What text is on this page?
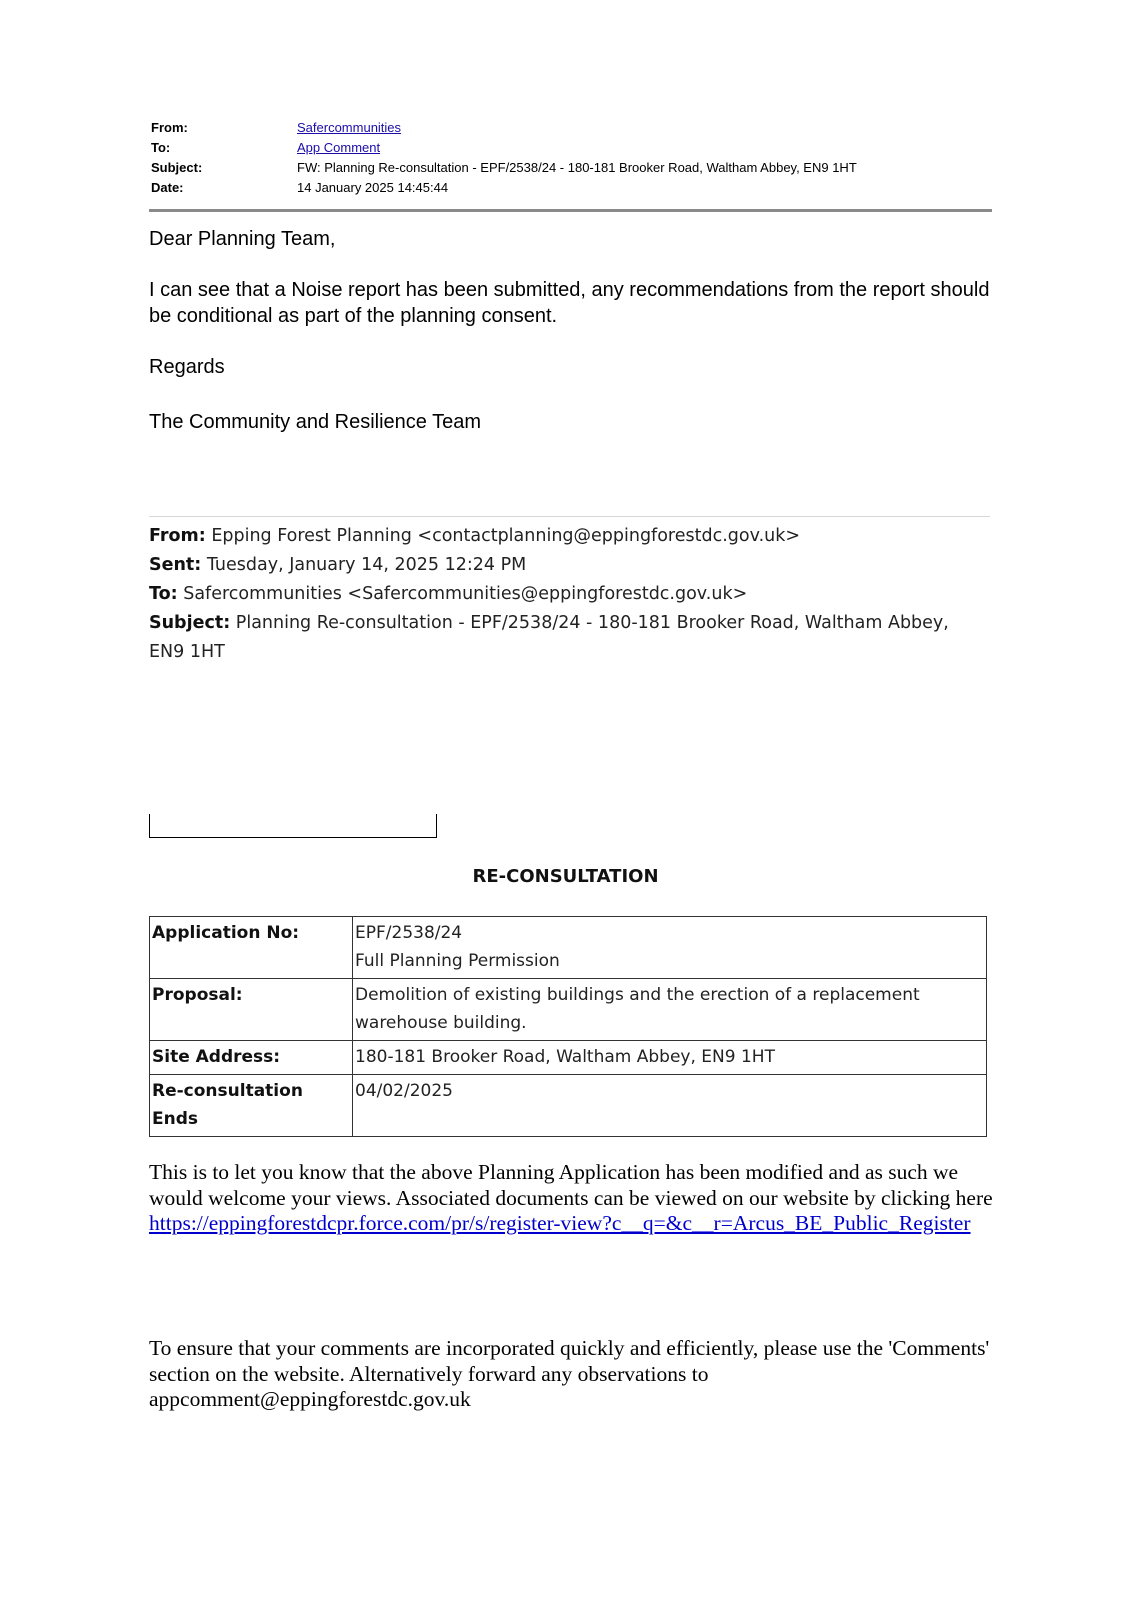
From:	Safercommunities
To:	App Comment
Subject:	FW: Planning Re-consultation - EPF/2538/24 - 180-181 Brooker Road, Waltham Abbey, EN9 1HT
Date:	14 January 2025 14:45:44
Dear Planning Team,
I can see that a Noise report has been submitted, any recommendations from the report should be conditional as part of the planning consent.
Regards
The Community and Resilience Team
From: Epping Forest Planning <contactplanning@eppingforestdc.gov.uk>
Sent: Tuesday, January 14, 2025 12:24 PM
To: Safercommunities <Safercommunities@eppingforestdc.gov.uk>
Subject: Planning Re-consultation - EPF/2538/24 - 180-181 Brooker Road, Waltham Abbey, EN9 1HT
RE-CONSULTATION
Application No:	EPF/2538/24
Full Planning Permission

Proposal:	Demolition of existing buildings and the erection of a replacement warehouse building.
Site Address:	180-181 Brooker Road, Waltham Abbey, EN9 1HT
Re-consultation Ends	04/02/2025
This is to let you know that the above Planning Application has been modified and as such we would welcome your views. Associated documents can be viewed on our website by clicking here https://eppingforestdcpr.force.com/pr/s/register-view?c__q=&c__r=Arcus_BE_Public_Register
To ensure that your comments are incorporated quickly and efficiently, please use the 'Comments' section on the website. Alternatively forward any observations to appcomment@eppingforestdc.gov.uk
